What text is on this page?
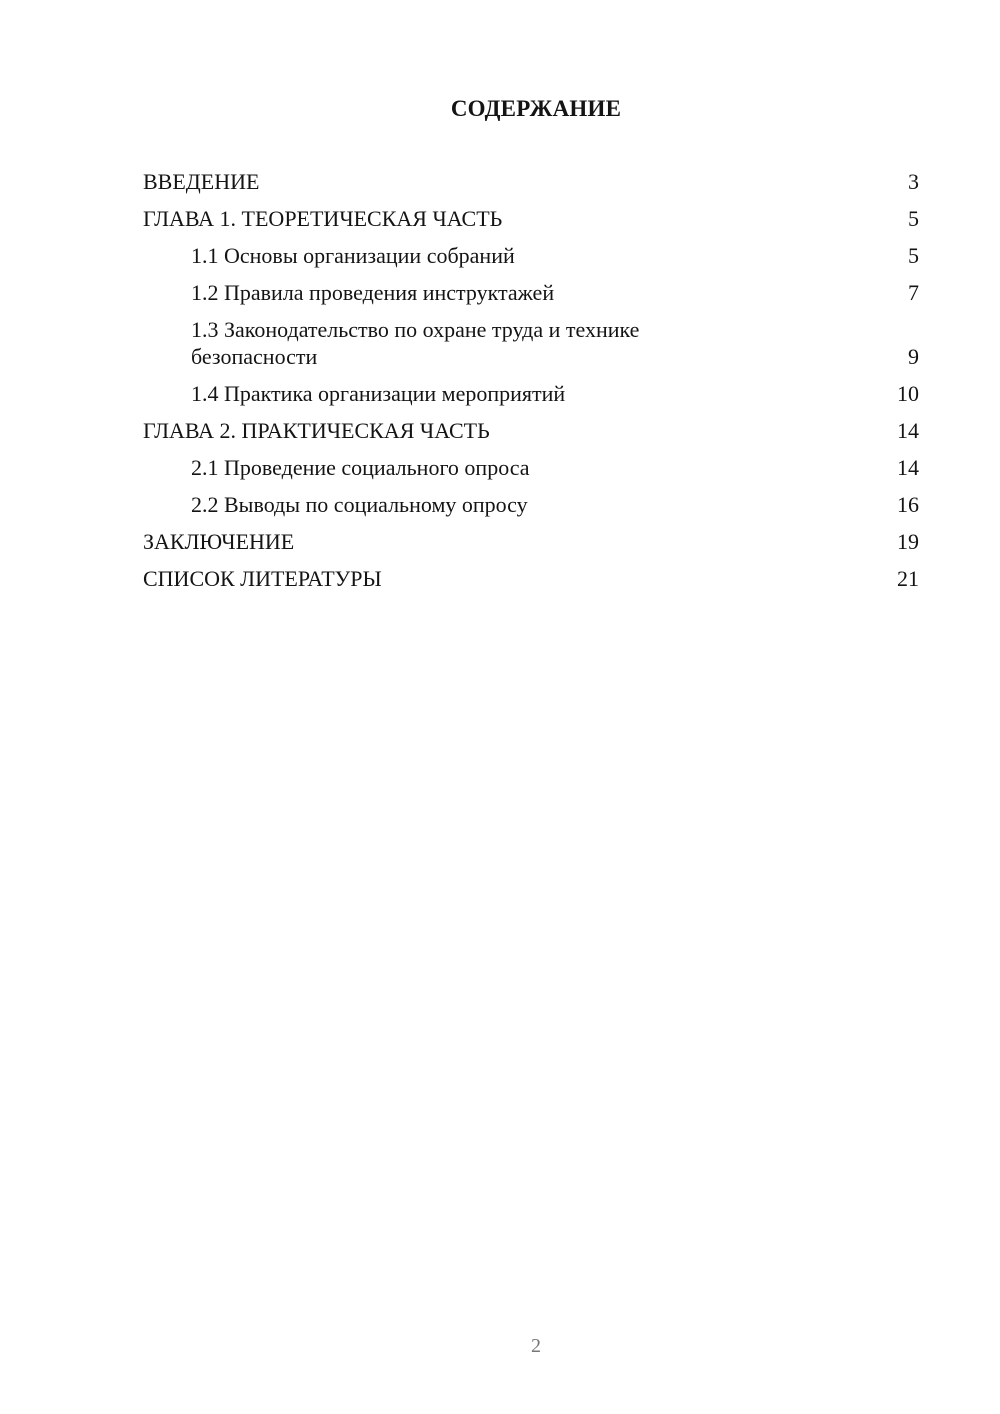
СОДЕРЖАНИЕ
ВВЕДЕНИЕ	3
ГЛАВА 1. ТЕОРЕТИЧЕСКАЯ ЧАСТЬ	5
1.1 Основы организации собраний	5
1.2 Правила проведения инструктажей	7
1.3 Законодательство по охране труда и технике безопасности	9
1.4 Практика организации мероприятий	10
ГЛАВА 2. ПРАКТИЧЕСКАЯ ЧАСТЬ	14
2.1 Проведение социального опроса	14
2.2 Выводы по социальному опросу	16
ЗАКЛЮЧЕНИЕ	19
СПИСОК ЛИТЕРАТУРЫ	21
2
